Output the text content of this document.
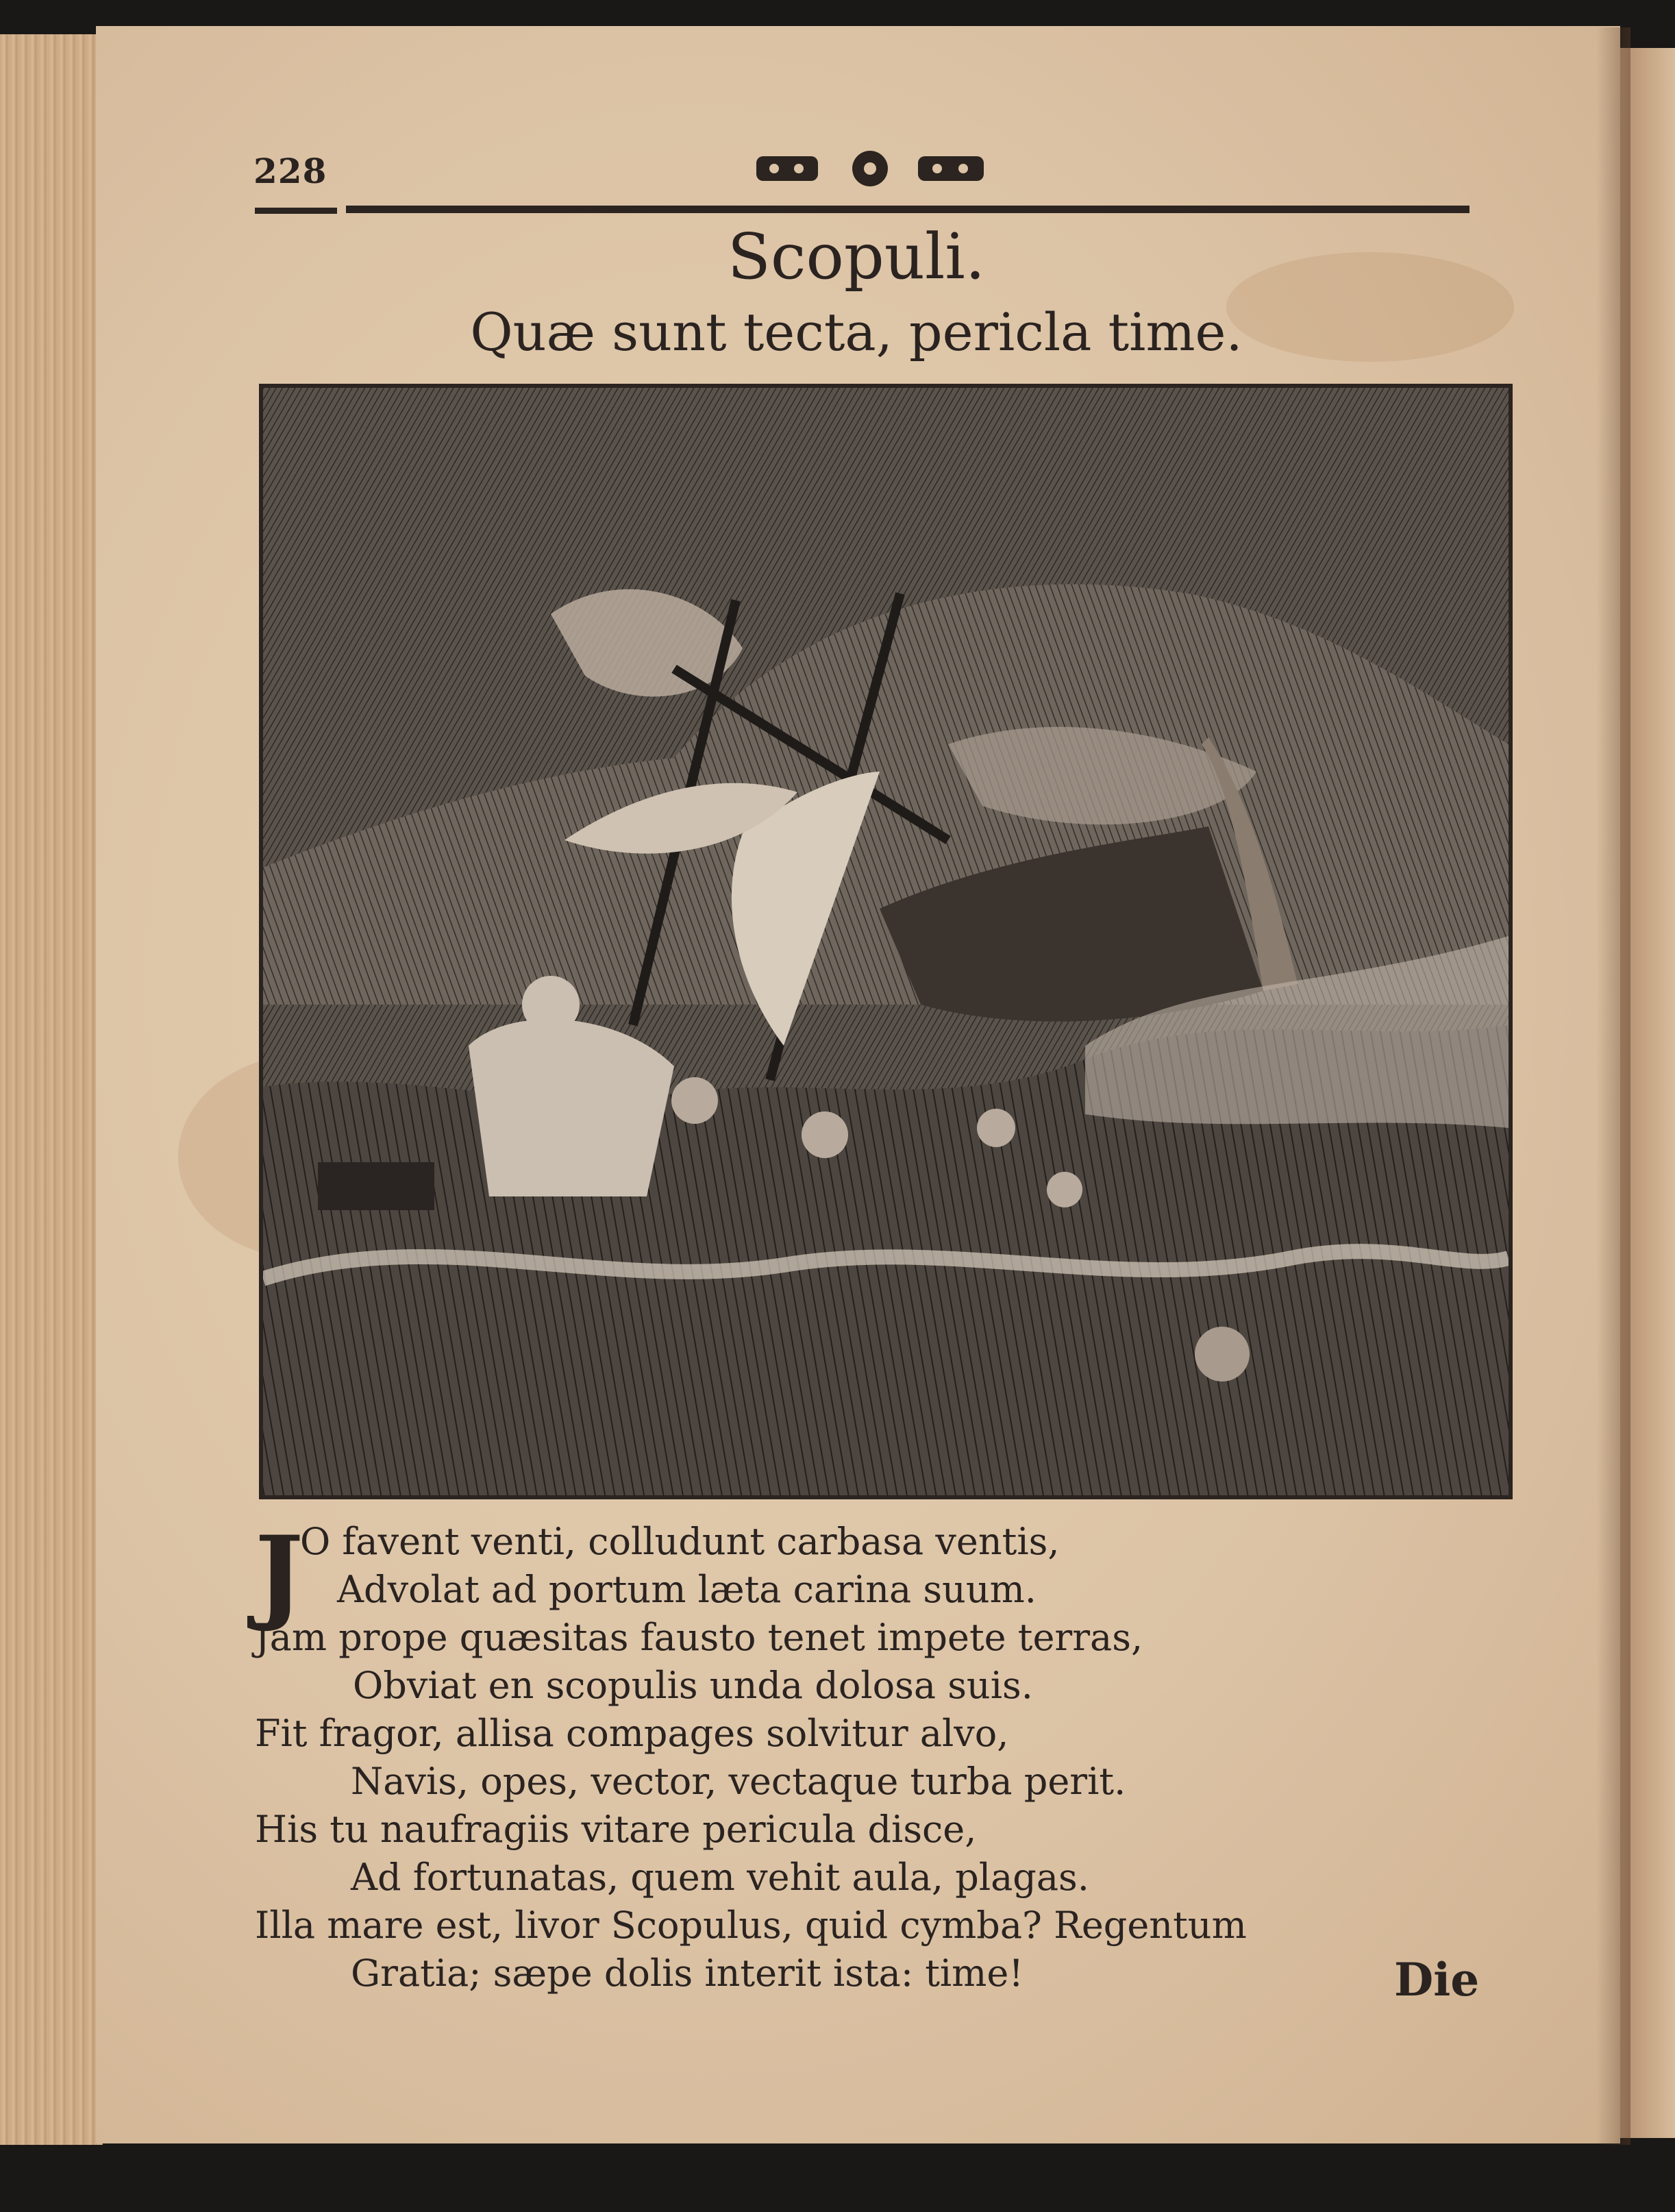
228
Scopuli.
Quæ sunt tecta, pericla time.
J
O favent venti, colludunt carbasa ventis,
Advolat ad portum læta carina suum.
Jam prope quæsitas fausto tenet impete terras,
Obviat en scopulis unda dolosa suis.
Fit fragor, allisa compages solvitur alvo,
Navis, opes, vector, vectaque turba perit.
His tu naufragiis vitare pericula disce,
Ad fortunatas, quem vehit aula, plagas.
Illa mare est, livor Scopulus, quid cymba? Regentum
Gratia; sæpe dolis interit ista: time!	Die
